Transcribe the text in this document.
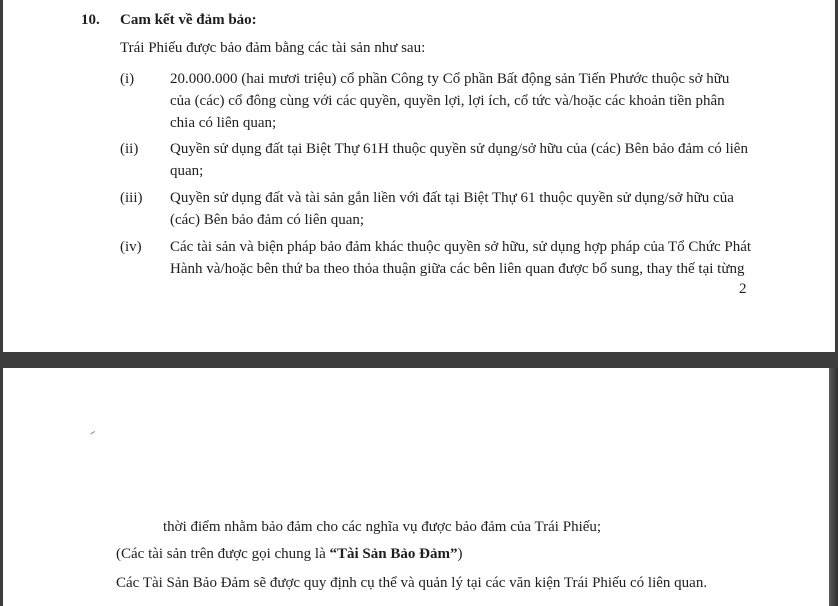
10. Cam kết về đảm bảo:
Trái Phiếu được bảo đảm bằng các tài sản như sau:
(i) 20.000.000 (hai mươi triệu) cổ phần Công ty Cổ phần Bất động sản Tiến Phước thuộc sở hữu của (các) cổ đông cùng với các quyền, quyền lợi, lợi ích, cổ tức và/hoặc các khoản tiền phân chia có liên quan;
(ii) Quyền sử dụng đất tại Biệt Thự 61H thuộc quyền sử dụng/sở hữu của (các) Bên bảo đảm có liên quan;
(iii) Quyền sử dụng đất và tài sản gắn liền với đất tại Biệt Thự 61 thuộc quyền sử dụng/sở hữu của (các) Bên bảo đảm có liên quan;
(iv) Các tài sản và biện pháp bảo đảm khác thuộc quyền sở hữu, sử dụng hợp pháp của Tổ Chức Phát Hành và/hoặc bên thứ ba theo thỏa thuận giữa các bên liên quan được bổ sung, thay thế tại từng
2
thời điểm nhằm bảo đảm cho các nghĩa vụ được bảo đảm của Trái Phiếu;
(Các tài sản trên được gọi chung là “Tài Sản Bảo Đảm”)
Các Tài Sản Bảo Đảm sẽ được quy định cụ thể và quản lý tại các văn kiện Trái Phiếu có liên quan.
